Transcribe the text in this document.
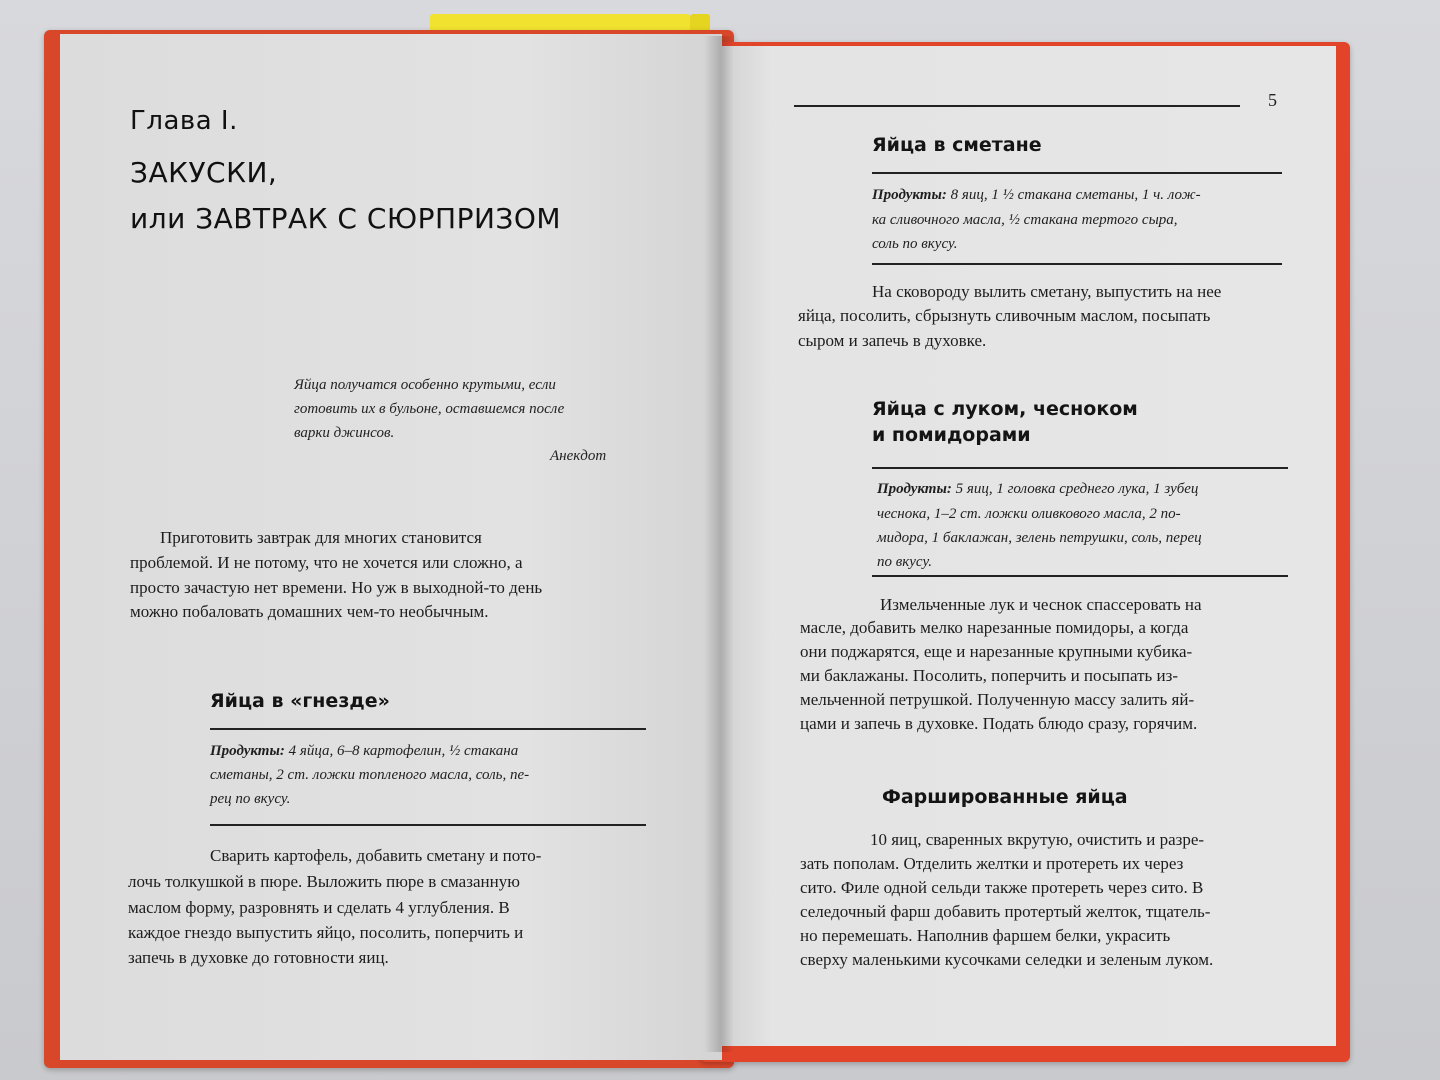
Глава I.
ЗАКУСКИ,
или ЗАВТРАК С СЮРПРИЗОМ
Яйца получатся особенно крутыми, если
готовить их в бульоне, оставшемся после
варки джинсов.
Анекдот
Приготовить завтрак для многих становится
проблемой. И не потому, что не хочется или сложно, а
просто зачастую нет времени. Но уж в выходной-то день
можно побаловать домашних чем-то необычным.
Яйца в «гнезде»
Продукты: 4 яйца, 6–8 картофелин, ½ стакана
сметаны, 2 ст. ложки топленого масла, соль, пе-
рец по вкусу.
Сварить картофель, добавить сметану и пото-
лочь толкушкой в пюре. Выложить пюре в смазанную
маслом форму, разровнять и сделать 4 углубления. В
каждое гнездо выпустить яйцо, посолить, поперчить и
запечь в духовке до готовности яиц.
5
Яйца в сметане
Продукты: 8 яиц, 1 ½ стакана сметаны, 1 ч. лож-
ка сливочного масла, ½ стакана тертого сыра,
соль по вкусу.
На сковороду вылить сметану, выпустить на нее
яйца, посолить, сбрызнуть сливочным маслом, посыпать
сыром и запечь в духовке.
Яйца с луком, чесноком
и помидорами
Продукты: 5 яиц, 1 головка среднего лука, 1 зубец
чеснока, 1–2 ст. ложки оливкового масла, 2 по-
мидора, 1 баклажан, зелень петрушки, соль, перец
по вкусу.
Измельченные лук и чеснок спассеровать на
масле, добавить мелко нарезанные помидоры, а когда
они поджарятся, еще и нарезанные крупными кубика-
ми баклажаны. Посолить, поперчить и посыпать из-
мельченной петрушкой. Полученную массу залить яй-
цами и запечь в духовке. Подать блюдо сразу, горячим.
Фаршированные яйца
10 яиц, сваренных вкрутую, очистить и разре-
зать пополам. Отделить желтки и протереть их через
сито. Филе одной сельди также протереть через сито. В
селедочный фарш добавить протертый желток, тщатель-
но перемешать. Наполнив фаршем белки, украсить
сверху маленькими кусочками селедки и зеленым луком.
